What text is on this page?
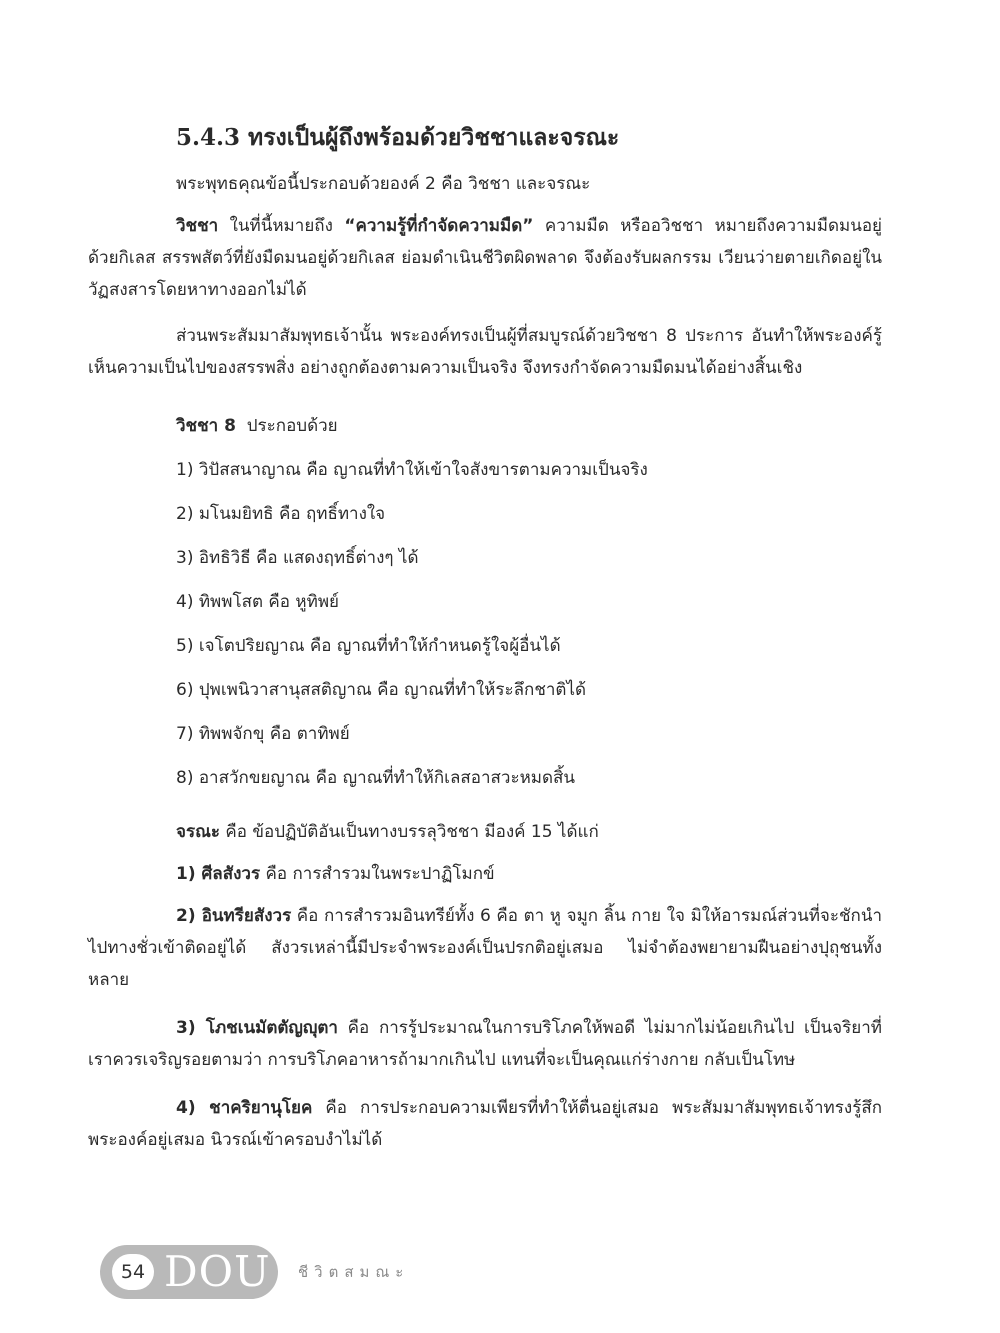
5.4.3 ทรงเป็นผู้ถึงพร้อมด้วยวิชชาและจรณะ
พระพุทธคุณข้อนี้ประกอบด้วยองค์ 2 คือ วิชชา และจรณะ
วิชชา ในที่นี้หมายถึง “ความรู้ที่กำจัดความมืด” ความมืด หรืออวิชชา หมายถึงความมืดมนอยู่ด้วยกิเลส สรรพสัตว์ที่ยังมืดมนอยู่ด้วยกิเลส ย่อมดำเนินชีวิตผิดพลาด จึงต้องรับผลกรรม เวียนว่ายตายเกิดอยู่ในวัฏสงสารโดยหาทางออกไม่ได้
ส่วนพระสัมมาสัมพุทธเจ้านั้น พระองค์ทรงเป็นผู้ที่สมบูรณ์ด้วยวิชชา 8 ประการ อันทำให้พระองค์รู้เห็นความเป็นไปของสรรพสิ่ง อย่างถูกต้องตามความเป็นจริง จึงทรงกำจัดความมืดมนได้อย่างสิ้นเชิง
วิชชา 8  ประกอบด้วย
1) วิปัสสนาญาณ คือ ญาณที่ทำให้เข้าใจสังขารตามความเป็นจริง
2) มโนมยิทธิ คือ ฤทธิ์ทางใจ
3) อิทธิวิธี คือ แสดงฤทธิ์ต่างๆ ได้
4) ทิพพโสต คือ หูทิพย์
5) เจโตปริยญาณ คือ ญาณที่ทำให้กำหนดรู้ใจผู้อื่นได้
6) ปุพเพนิวาสานุสสติญาณ คือ ญาณที่ทำให้ระลึกชาติได้
7) ทิพพจักขุ คือ ตาทิพย์
8) อาสวักขยญาณ คือ ญาณที่ทำให้กิเลสอาสวะหมดสิ้น
จรณะ คือ ข้อปฏิบัติอันเป็นทางบรรลุวิชชา มีองค์ 15 ได้แก่
1) ศีลสังวร คือ การสำรวมในพระปาฏิโมกข์
2) อินทรียสังวร คือ การสำรวมอินทรีย์ทั้ง 6 คือ ตา หู จมูก ลิ้น กาย ใจ มิให้อารมณ์ส่วนที่จะชักนำไปทางชั่วเข้าติดอยู่ได้ สังวรเหล่านี้มีประจำพระองค์เป็นปรกติอยู่เสมอ ไม่จำต้องพยายามฝืนอย่างปุถุชนทั้งหลาย
3) โภชเนมัตตัญญุตา คือ การรู้ประมาณในการบริโภคให้พอดี ไม่มากไม่น้อยเกินไป เป็นจริยาที่เราควรเจริญรอยตามว่า การบริโภคอาหารถ้ามากเกินไป แทนที่จะเป็นคุณแก่ร่างกาย กลับเป็นโทษ
4) ชาคริยานุโยค คือ การประกอบความเพียรที่ทำให้ตื่นอยู่เสมอ พระสัมมาสัมพุทธเจ้าทรงรู้สึกพระองค์อยู่เสมอ นิวรณ์เข้าครอบงำไม่ได้
54 DOU ชีวิตสมณะ
